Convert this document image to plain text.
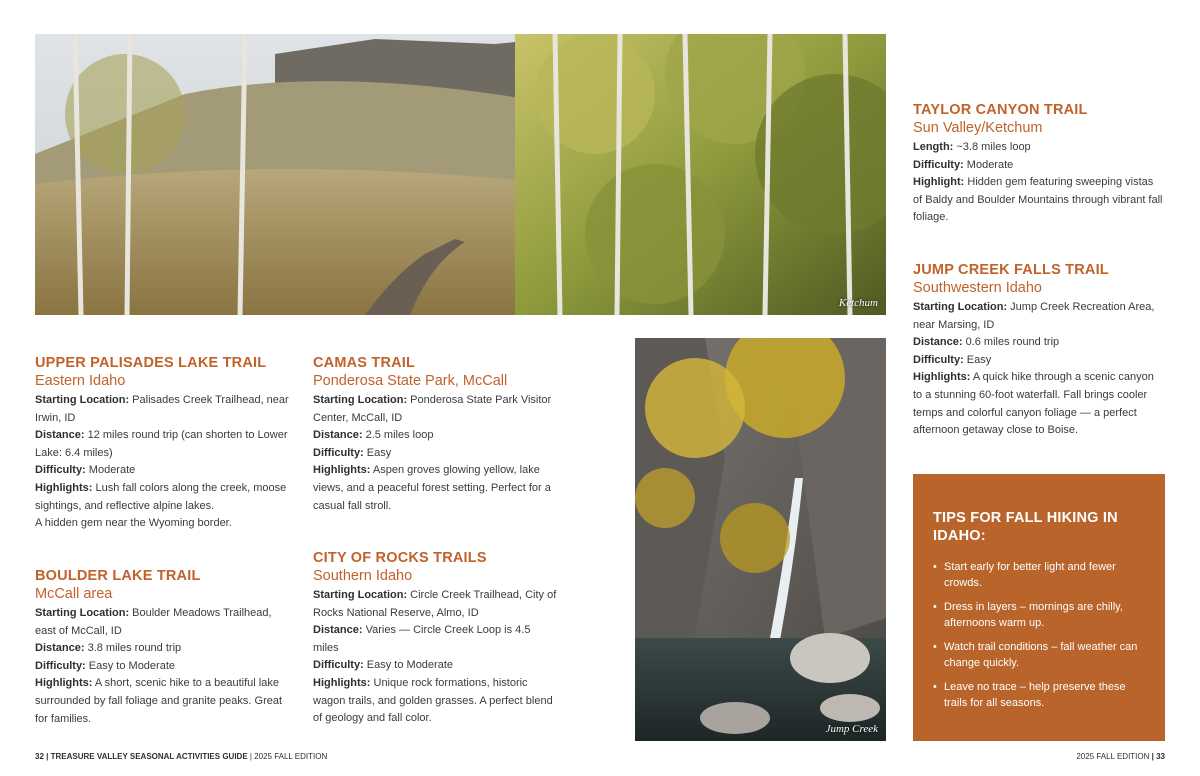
Ketchum
Jump Creek
TAYLOR CANYON TRAIL
Sun Valley/Ketchum
Length: ~3.8 miles loop
Difficulty: Moderate
Highlight: Hidden gem featuring sweeping vistas of Baldy and Boulder Mountains through vibrant fall foliage.
JUMP CREEK FALLS TRAIL
Southwestern Idaho
Starting Location: Jump Creek Recreation Area, near Marsing, ID
Distance: 0.6 miles round trip
Difficulty: Easy
Highlights: A quick hike through a scenic canyon to a stunning 60-foot waterfall. Fall brings cooler temps and colorful canyon foliage — a perfect afternoon getaway close to Boise.
UPPER PALISADES LAKE TRAIL
Eastern Idaho
Starting Location: Palisades Creek Trailhead, near Irwin, ID
Distance: 12 miles round trip (can shorten to Lower Lake: 6.4 miles)
Difficulty: Moderate
Highlights: Lush fall colors along the creek, moose sightings, and reflective alpine lakes.
A hidden gem near the Wyoming border.
BOULDER LAKE TRAIL
McCall area
Starting Location: Boulder Meadows Trailhead, east of McCall, ID
Distance: 3.8 miles round trip
Difficulty: Easy to Moderate
Highlights: A short, scenic hike to a beautiful lake surrounded by fall foliage and granite peaks. Great for families.
CAMAS TRAIL
Ponderosa State Park, McCall
Starting Location: Ponderosa State Park Visitor Center, McCall, ID
Distance: 2.5 miles loop
Difficulty: Easy
Highlights: Aspen groves glowing yellow, lake views, and a peaceful forest setting. Perfect for a casual fall stroll.
CITY OF ROCKS TRAILS
Southern Idaho
Starting Location: Circle Creek Trailhead, City of Rocks National Reserve, Almo, ID
Distance: Varies — Circle Creek Loop is 4.5 miles
Difficulty: Easy to Moderate
Highlights: Unique rock formations, historic wagon trails, and golden grasses. A perfect blend of geology and fall color.
TIPS FOR FALL HIKING IN IDAHO:
• Start early for better light and fewer crowds.
• Dress in layers – mornings are chilly, afternoons warm up.
• Watch trail conditions – fall weather can change quickly.
• Leave no trace – help preserve these trails for all seasons.
32 | TREASURE VALLEY SEASONAL ACTIVITIES GUIDE | 2025 FALL EDITION	2025 FALL EDITION | 33
